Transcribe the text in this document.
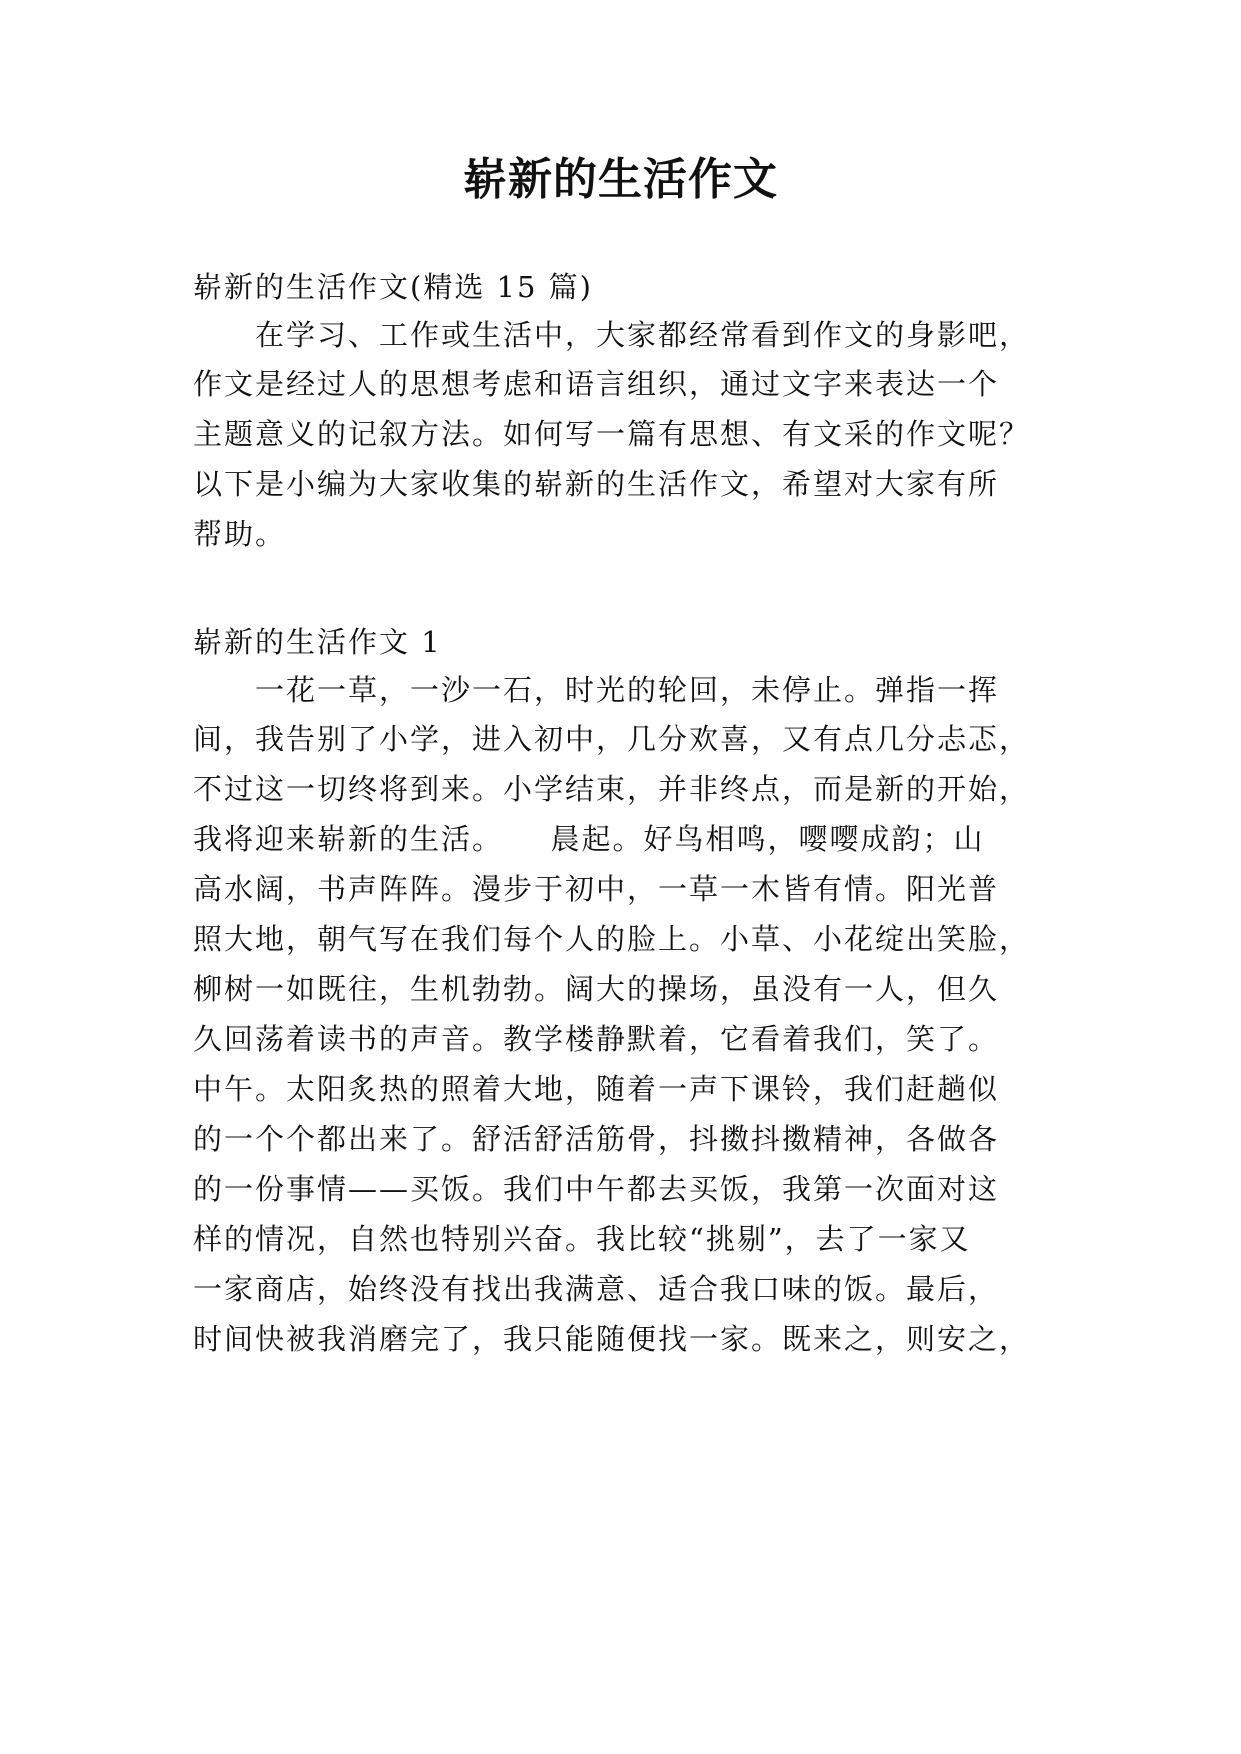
崭新的生活作文
崭新的生活作文(精选 15 篇)
　　在学习、工作或生活中，大家都经常看到作文的身影吧，
作文是经过人的思想考虑和语言组织，通过文字来表达一个
主题意义的记叙方法。如何写一篇有思想、有文采的作文呢？
以下是小编为大家收集的崭新的生活作文，希望对大家有所
帮助。
崭新的生活作文 1
　　一花一草，一沙一石，时光的轮回，未停止。弹指一挥
间，我告别了小学，进入初中，几分欢喜，又有点几分忐忑，
不过这一切终将到来。小学结束，并非终点，而是新的开始，
我将迎来崭新的生活。　　晨起。好鸟相鸣，嘤嘤成韵；山
高水阔，书声阵阵。漫步于初中，一草一木皆有情。阳光普
照大地，朝气写在我们每个人的脸上。小草、小花绽出笑脸，
柳树一如既往，生机勃勃。阔大的操场，虽没有一人，但久
久回荡着读书的声音。教学楼静默着，它看着我们，笑了。
中午。太阳炙热的照着大地，随着一声下课铃，我们赶趟似
的一个个都出来了。舒活舒活筋骨，抖擞抖擞精神，各做各
的一份事情——买饭。我们中午都去买饭，我第一次面对这
样的情况，自然也特别兴奋。我比较“挑剔”，去了一家又
一家商店，始终没有找出我满意、适合我口味的饭。最后，
时间快被我消磨完了，我只能随便找一家。既来之，则安之，
